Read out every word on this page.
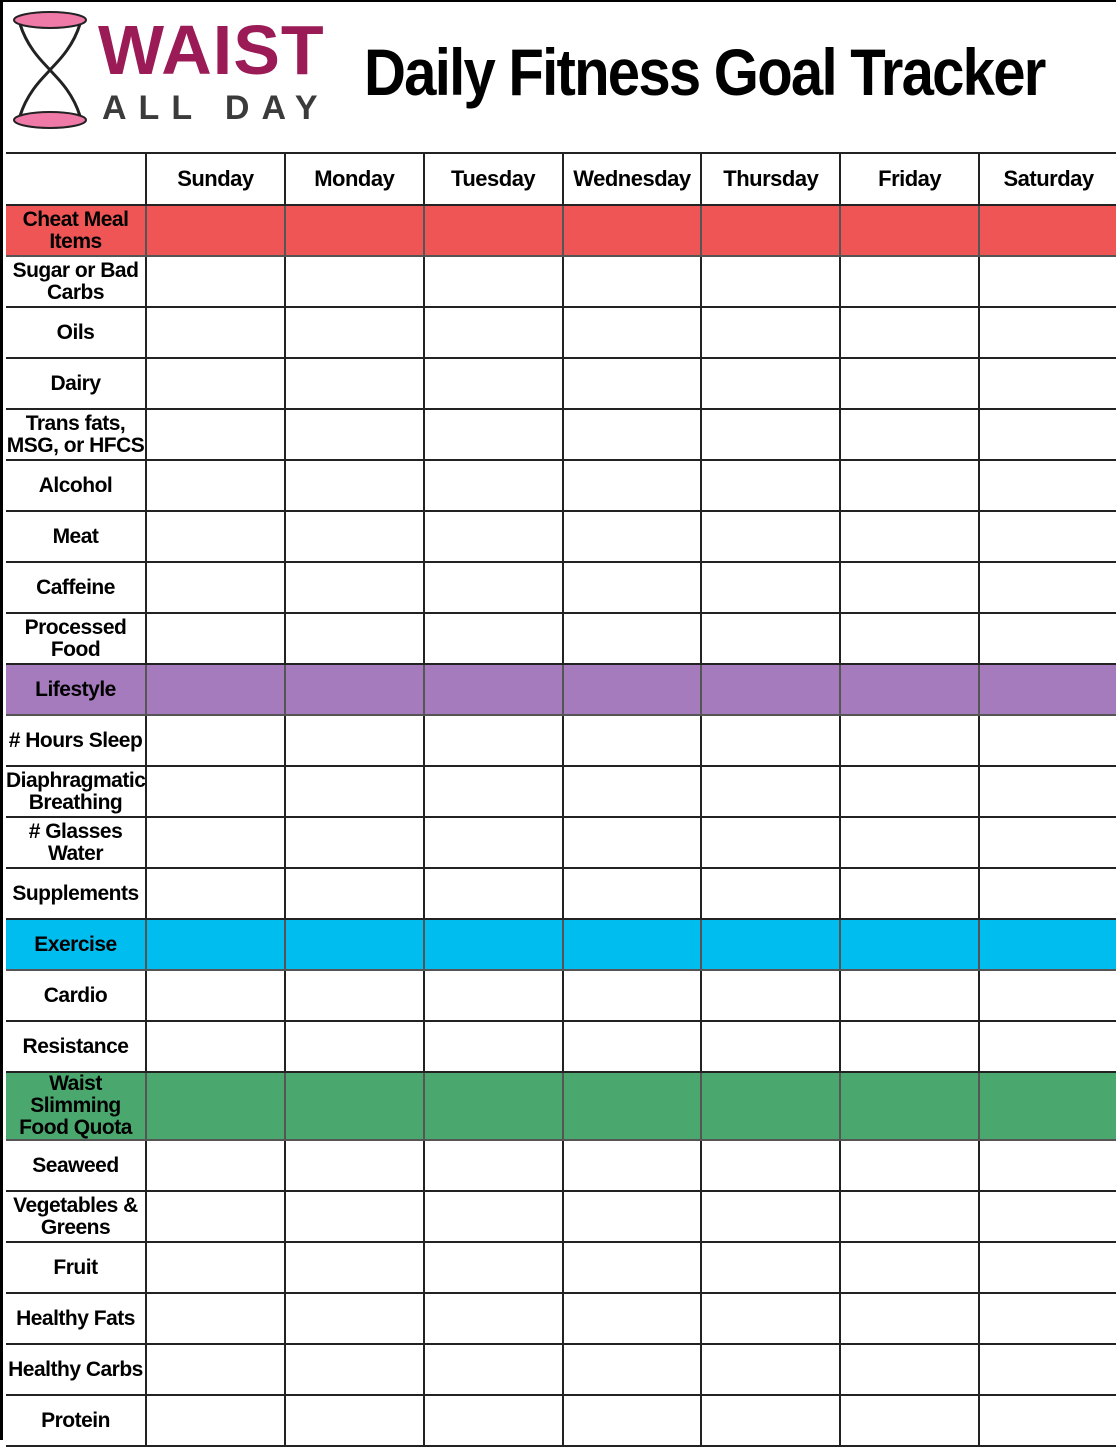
WAIST
ALL DAY Daily Fitness Goal Tracker
	Sunday	Monday	Tuesday	Wednesday	Thursday	Friday	Saturday
Cheat Meal Items							
Sugar or Bad Carbs							
Oils							
Dairy							
Trans fats, MSG, or HFCS							
Alcohol							
Meat							
Caffeine							
Processed Food							
Lifestyle							
# Hours Sleep							
Diaphragmatic Breathing							
# Glasses Water							
Supplements							
Exercise							
Cardio							
Resistance							
Waist Slimming Food Quota							
Seaweed							
Vegetables & Greens							
Fruit							
Healthy Fats							
Healthy Carbs							
Protein							
